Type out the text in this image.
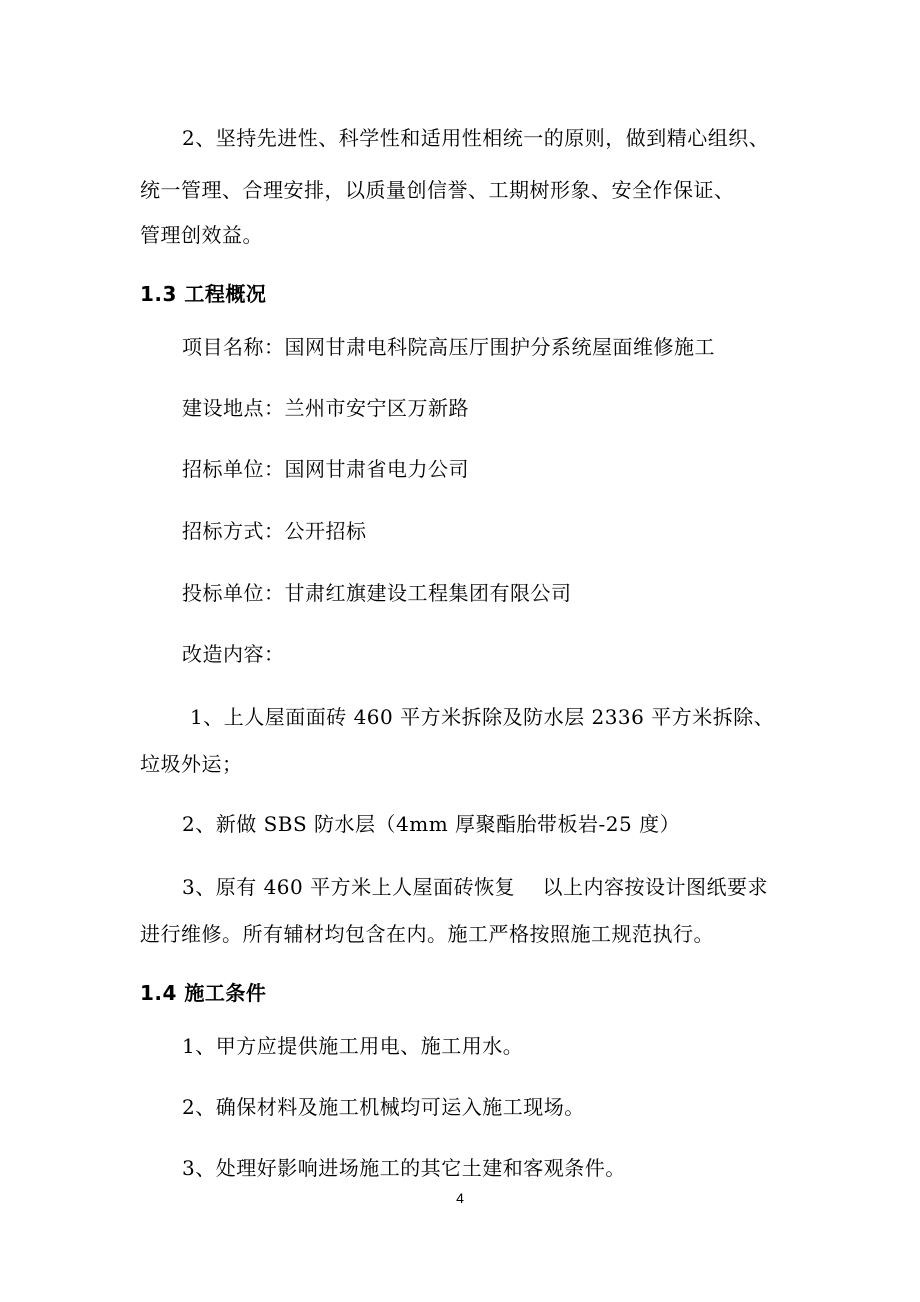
2、坚持先进性、科学性和适用性相统一的原则，做到精心组织、
统一管理、合理安排，以质量创信誉、工期树形象、安全作保证、
管理创效益。
1.3 工程概况
项目名称：国网甘肃电科院高压厅围护分系统屋面维修施工
建设地点：兰州市安宁区万新路
招标单位：国网甘肃省电力公司
招标方式：公开招标
投标单位：甘肃红旗建设工程集团有限公司
改造内容：
1、上人屋面面砖 460 平方米拆除及防水层 2336 平方米拆除、
垃圾外运；
2、新做 SBS 防水层（4mm 厚聚酯胎带板岩-25 度）
3、原有 460 平方米上人屋面砖恢复　 以上内容按设计图纸要求
进行维修。所有辅材均包含在内。施工严格按照施工规范执行。
1.4 施工条件
1、甲方应提供施工用电、施工用水。
2、确保材料及施工机械均可运入施工现场。
3、处理好影响进场施工的其它土建和客观条件。
4
